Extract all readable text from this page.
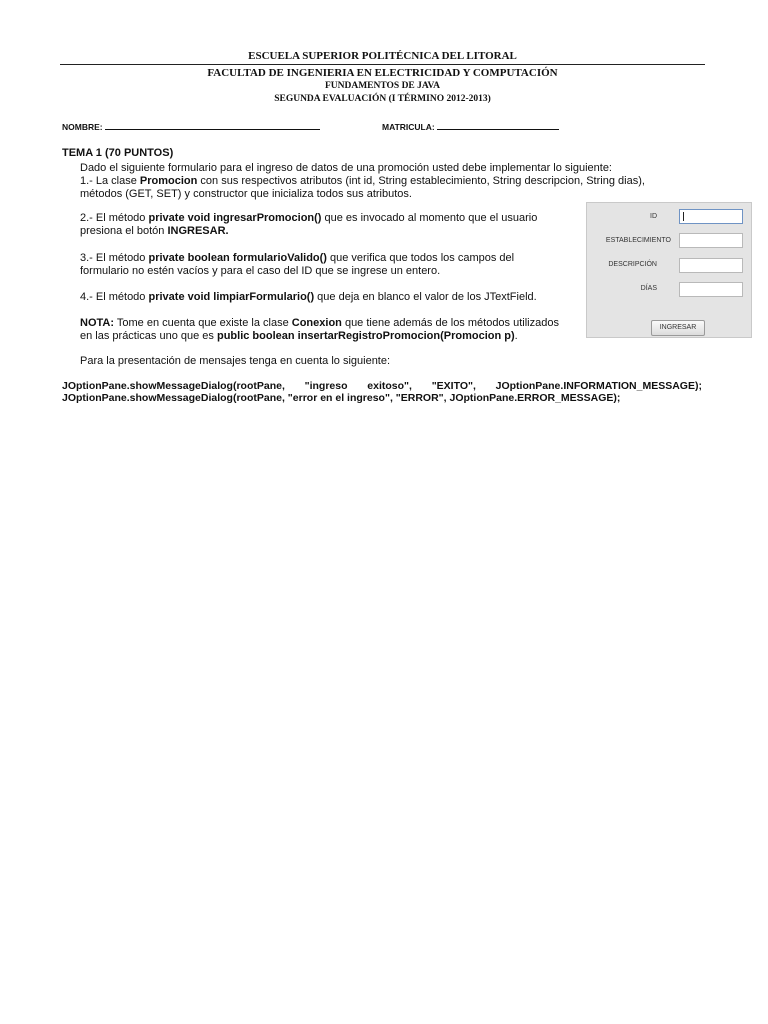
ESCUELA SUPERIOR POLITÉCNICA DEL LITORAL
FACULTAD DE INGENIERIA EN ELECTRICIDAD Y COMPUTACIÓN
FUNDAMENTOS DE JAVA
SEGUNDA EVALUACIÓN (I TÉRMINO 2012-2013)
NOMBRE:	MATRICULA:
TEMA 1 (70 PUNTOS)
Dado el siguiente formulario para el ingreso de datos de una promoción usted debe implementar lo siguiente:
1.- La clase Promocion con sus respectivos atributos (int id, String establecimiento, String descripcion, String dias),
métodos (GET, SET) y constructor que inicializa todos sus atributos.
2.- El método private void ingresarPromocion() que es invocado al momento que el usuario
presiona el botón INGRESAR.
3.- El método private boolean formularioValido() que verifica que todos los campos del
formulario no estén vacíos y para el caso del ID que se ingrese un entero.
4.- El método private void limpiarFormulario() que deja en blanco el valor de los JTextField.
NOTA: Tome en cuenta que existe la clase Conexion que tiene además de los métodos utilizados
en las prácticas uno que es public boolean insertarRegistroPromocion(Promocion p).
Para la presentación de mensajes tenga en cuenta lo siguiente:
JOptionPane.showMessageDialog(rootPane, "ingreso exitoso", "EXITO", JOptionPane.INFORMATION_MESSAGE);
JOptionPane.showMessageDialog(rootPane, "error en el ingreso", "ERROR", JOptionPane.ERROR_MESSAGE);
ID
ESTABLECIMIENTO
DESCRIPCIÓN
DÍAS
INGRESAR
